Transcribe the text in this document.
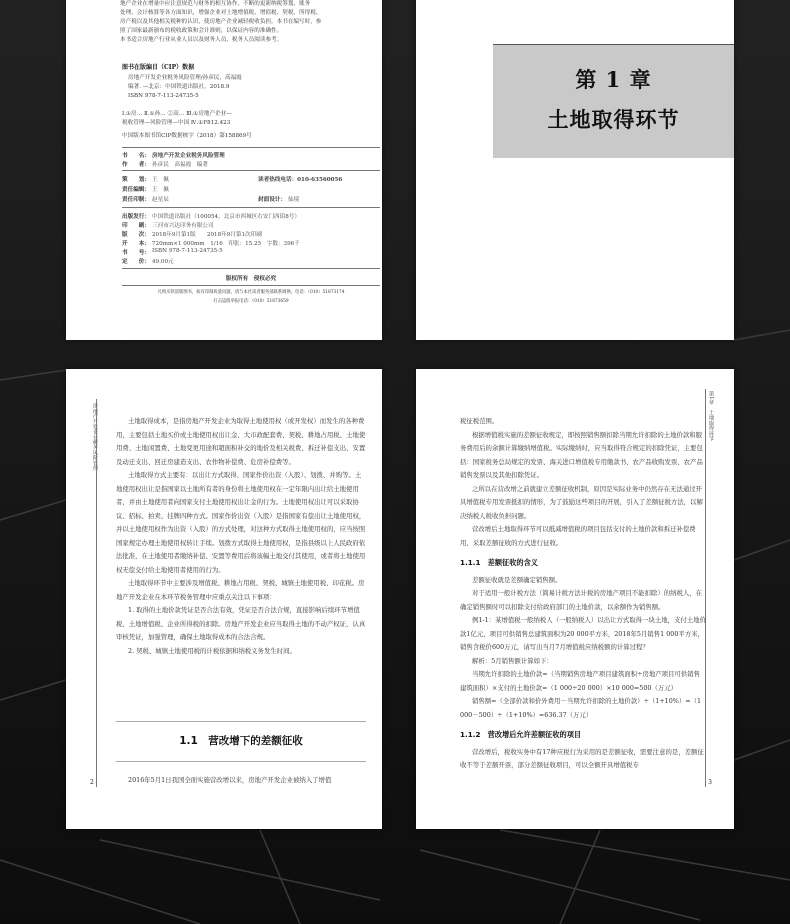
地产企业在增量中应注意规范与财务的相互协作，不断的更新纳税筹划、账务
处理、会计核算等各方面知识，增强企业对土地增值税、增值税、契税、所得税、
房产税以及其他相关税种的认识，使房地产企业减轻税收负担。本书在编写时，参
照了国家最新颁布的税收政策和会计准则，以保证内容的准确性。
本书适合房地产行业从业人员以及财务人员、税务人员阅读参考。
图书在版编目（CIP）数据
房地产开发企业税务风险管理/孙彦民，高福霞
编著. —北京：中国铁道出版社，2018.9
ISBN 978-7-113-24735-5
Ⅰ.①房… Ⅱ.①孙… ②高… Ⅲ.①房地产企业—
税收管理—风险管理—中国 Ⅳ.①F812.423
中国版本图书馆CIP数据核字（2018）第158869号
书　　名： 房地产开发企业税务风险管理
作　　者： 孙彦民　高福霞　编著
策　　划： 王　佩	读者热线电话：010-63560056
责任编辑： 王　佩
责任印制： 赵星辰	封面设计： 仙境
出版发行： 中国铁道出版社（100054，北京市西城区右安门西街8号）
印　　刷： 三河市兴达印务有限公司
版　　次： 2018年9月第1版　　2018年9月第1次印刷
开　　本： 720mm×1 000mm　1/16　印张：15.25　字数：396千
书　　号： ISBN 978-7-113-24735-5
定　　价： 49.00元
版权所有　侵权必究
凡购买铁道版图书，如有印制质量问题，请与本社读者服务部联系调换。电话：（010）51873174
打击盗版举报电话：（010）51873659
第 1 章
土地取得环节
房地产开发企业税务风险管理	土地取得成本，是指房地产开发企业为取得土地使用权（或开发权）而发生的各种费用，主要包括土地买价或土地使用权出让金、大市政配套费、契税、耕地占用税、土地使用费、土地闲置费、土地变更用途和超面积补交的地价及相关税费、拆迁补偿支出、安置及动迁支出、回迁房建造支出、农作物补偿费、危房补偿费等。

土地取得方式主要有：以出让方式取得、国家作价出资（入股）、划拨、并购等。土地使用权出让是指国家以土地所有者的身份将土地使用权在一定年限内出让给土地使用者，并由土地使用者向国家支付土地使用权出让金的行为。土地使用权出让可以采取协议、招标、拍卖、挂牌四种方式。国家作价出资（入股）是指国家有偿出让土地使用权，并以土地使用权作为出资（入股）的方式处理，对这种方式取得土地使用权的，应当按照国家规定办理土地使用权转让手续。划拨方式取得土地使用权，是指县级以上人民政府依法批准，在土地使用者缴纳补偿、安置等费用后将该幅土地交付其使用，或者将土地使用权无偿交付给土地使用者使用的行为。

土地取得环节中主要涉及增值税、耕地占用税、契税、城镇土地使用税、印花税。房地产开发企业在本环节税务管理中应重点关注以下事项：

1. 取得的土地价款凭证是否合法有效，凭证是否合法合规，直接影响后续环节增值税、土地增值税、企业所得税的扣除。房地产开发企业应当取得土地的不动产权证、认真审核凭证，加强管理，确保土地取得成本的合法合规。

2. 契税、城镇土地使用税的计税依据和纳税义务发生时间。

1.1　营改增下的差额征收
2016年5月1日我国全面实施营改增以来，房地产开发企业被纳入了增值
2
第1章　土地取得环节

税征税范围。

根据增值税实施的差额征收规定，即按照销售额扣除当期允许扣除的土地价款和服务费用后的余额计算缴纳增值税。实际缴纳时，应当取得符合规定的扣除凭证，主要包括：国家税务总局规定的发票、海关进口增值税专用缴款书、农产品收购发票、农产品销售发票以及其他扣除凭证。

之所以在营改增之前就建立差额征收机制，原因是实际业务中仍然存在无法通过开具增值税专用发票抵扣的情形，为了鼓励这些项目的开展，引入了差额征税方法，以解决纳税人税收负担问题。

营改增后土地取得环节可以抵减增值税的项目包括支付的土地价款和拆迁补偿费用，采取差额征收的方式进行征收。

1.1.1　差额征收的含义

差额征收就是差额确定销售额。

对于适用一般计税方法（简易计税方法计税的房地产项目不能扣除）的纳税人，在确定销售额时可以扣除支付给政府部门的土地价款，以余额作为销售额。

例1-1：某增值税一般纳税人（一般纳税人）以出让方式取得一块土地，支付土地价款1亿元，项目可供销售总建筑面积为20 000平方米，2018年5月销售1 000平方米，销售含税价600万元，请写出当月7月增值税应纳税额的计算过程？

解析：5月销售额计算如下：

当期允许扣除的土地价款=（当期销售房地产项目建筑面积÷房地产项目可供销售建筑面积）×支付的土地价款=（1 000÷20 000）×10 000=500（万元）

销售额=（全部价款和价外费用－当期允许扣除的土地价款）÷（1+10%）=（1 000－500）÷（1+10%）=636.37（万元）

1.1.2　营改增后允许差额征收的项目

营改增后，税收实务中有17种应税行为采用的是差额征收，需要注意的是，差额征收不等于差额开票，部分差额征收项目，可以全额开具增值税专

3
